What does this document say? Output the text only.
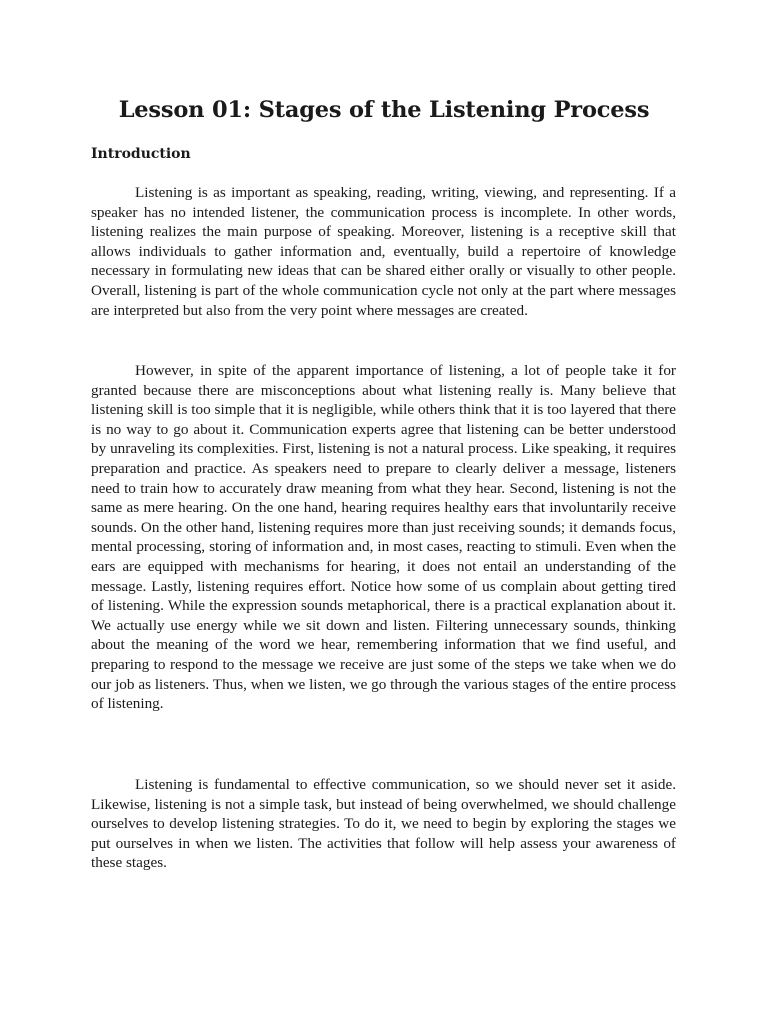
Lesson 01: Stages of the Listening Process
Introduction

Listening is as important as speaking, reading, writing, viewing, and representing. If a speaker has no intended listener, the communication process is incomplete. In other words, listening realizes the main purpose of speaking. Moreover, listening is a receptive skill that allows individuals to gather information and, eventually, build a repertoire of knowledge necessary in formulating new ideas that can be shared either orally or visually to other people. Overall, listening is part of the whole communication cycle not only at the part where messages are interpreted but also from the very point where messages are created.

However, in spite of the apparent importance of listening, a lot of people take it for granted because there are misconceptions about what listening really is. Many believe that listening skill is too simple that it is negligible, while others think that it is too layered that there is no way to go about it. Communication experts agree that listening can be better understood by unraveling its complexities. First, listening is not a natural process. Like speaking, it requires preparation and practice. As speakers need to prepare to clearly deliver a message, listeners need to train how to accurately draw meaning from what they hear. Second, listening is not the same as mere hearing. On the one hand, hearing requires healthy ears that involuntarily receive sounds. On the other hand, listening requires more than just receiving sounds; it demands focus, mental processing, storing of information and, in most cases, reacting to stimuli. Even when the ears are equipped with mechanisms for hearing, it does not entail an understanding of the message. Lastly, listening requires effort. Notice how some of us complain about getting tired of listening. While the expression sounds metaphorical, there is a practical explanation about it. We actually use energy while we sit down and listen. Filtering unnecessary sounds, thinking about the meaning of the word we hear, remembering information that we find useful, and preparing to respond to the message we receive are just some of the steps we take when we do our job as listeners. Thus, when we listen, we go through the various stages of the entire process of listening.

Listening is fundamental to effective communication, so we should never set it aside. Likewise, listening is not a simple task, but instead of being overwhelmed, we should challenge ourselves to develop listening strategies. To do it, we need to begin by exploring the stages we put ourselves in when we listen. The activities that follow will help assess your awareness of these stages.
